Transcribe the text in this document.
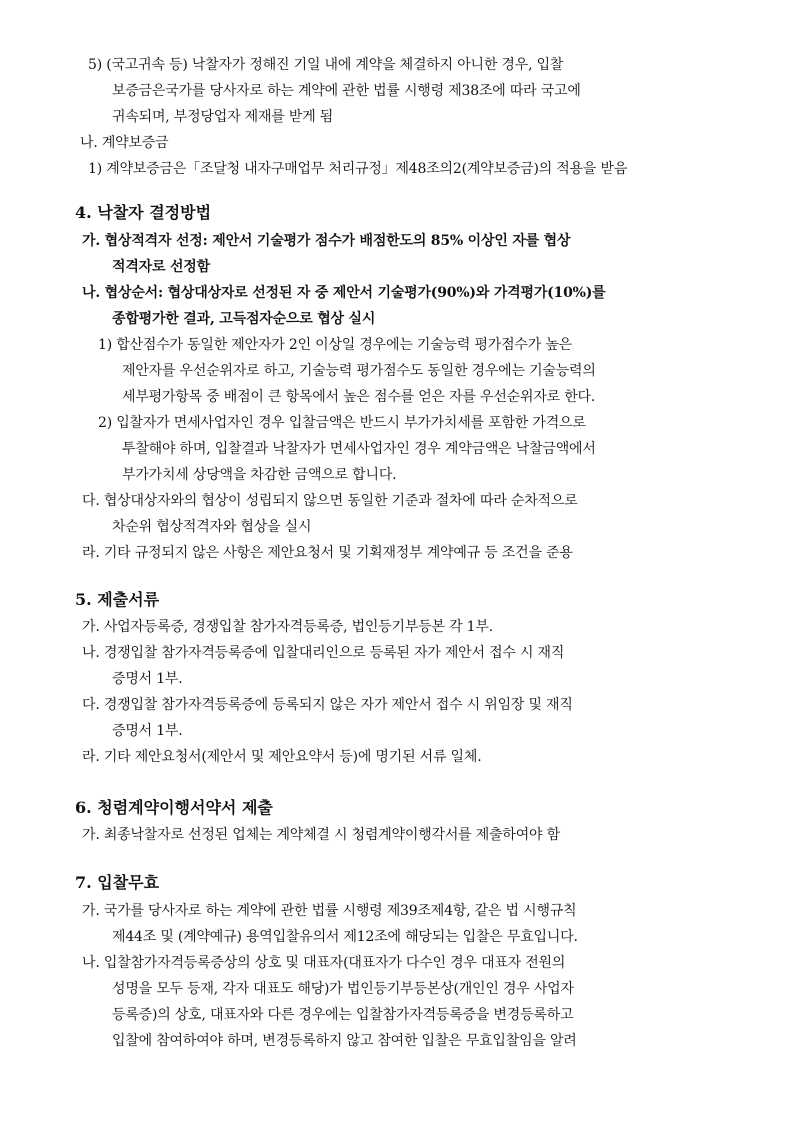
5) (국고귀속 등) 낙찰자가 정해진 기일 내에 계약을 체결하지 아니한 경우, 입찰
보증금은국가를 당사자로 하는 계약에 관한 법률 시행령 제38조에 따라 국고에
귀속되며, 부정당업자 제재를 받게 됨
나. 계약보증금
1) 계약보증금은「조달청 내자구매업무 처리규정」제48조의2(계약보증금)의 적용을 받음
4. 낙찰자 결정방법
가. 협상적격자 선정: 제안서 기술평가 점수가 배점한도의 85% 이상인 자를 협상
적격자로 선정함
나. 협상순서: 협상대상자로 선정된 자 중 제안서 기술평가(90%)와 가격평가(10%)를
종합평가한 결과, 고득점자순으로 협상 실시
1) 합산점수가 동일한 제안자가 2인 이상일 경우에는 기술능력 평가점수가 높은
제안자를 우선순위자로 하고, 기술능력 평가점수도 동일한 경우에는 기술능력의
세부평가항목 중 배점이 큰 항목에서 높은 점수를 얻은 자를 우선순위자로 한다.
2) 입찰자가 면세사업자인 경우 입찰금액은 반드시 부가가치세를 포함한 가격으로
투찰해야 하며, 입찰결과 낙찰자가 면세사업자인 경우 계약금액은 낙찰금액에서
부가가치세 상당액을 차감한 금액으로 합니다.
다. 협상대상자와의 협상이 성립되지 않으면 동일한 기준과 절차에 따라 순차적으로
차순위 협상적격자와 협상을 실시
라. 기타 규정되지 않은 사항은 제안요청서 및 기획재정부 계약예규 등 조건을 준용
5. 제출서류
가. 사업자등록증, 경쟁입찰 참가자격등록증, 법인등기부등본 각 1부.
나. 경쟁입찰 참가자격등록증에 입찰대리인으로 등록된 자가 제안서 접수 시 재직
증명서 1부.
다. 경쟁입찰 참가자격등록증에 등록되지 않은 자가 제안서 접수 시 위임장 및 재직
증명서 1부.
라. 기타 제안요청서(제안서 및 제안요약서 등)에 명기된 서류 일체.
6. 청렴계약이행서약서 제출
가. 최종낙찰자로 선정된 업체는 계약체결 시 청렴계약이행각서를 제출하여야 함
7. 입찰무효
가. 국가를 당사자로 하는 계약에 관한 법률 시행령 제39조제4항, 같은 법 시행규칙
제44조 및 (계약예규) 용역입찰유의서 제12조에 해당되는 입찰은 무효입니다.
나. 입찰참가자격등록증상의 상호 및 대표자(대표자가 다수인 경우 대표자 전원의
성명을 모두 등재, 각자 대표도 해당)가 법인등기부등본상(개인인 경우 사업자
등록증)의 상호, 대표자와 다른 경우에는 입찰참가자격등록증을 변경등록하고
입찰에 참여하여야 하며, 변경등록하지 않고 참여한 입찰은 무효입찰임을 알려
